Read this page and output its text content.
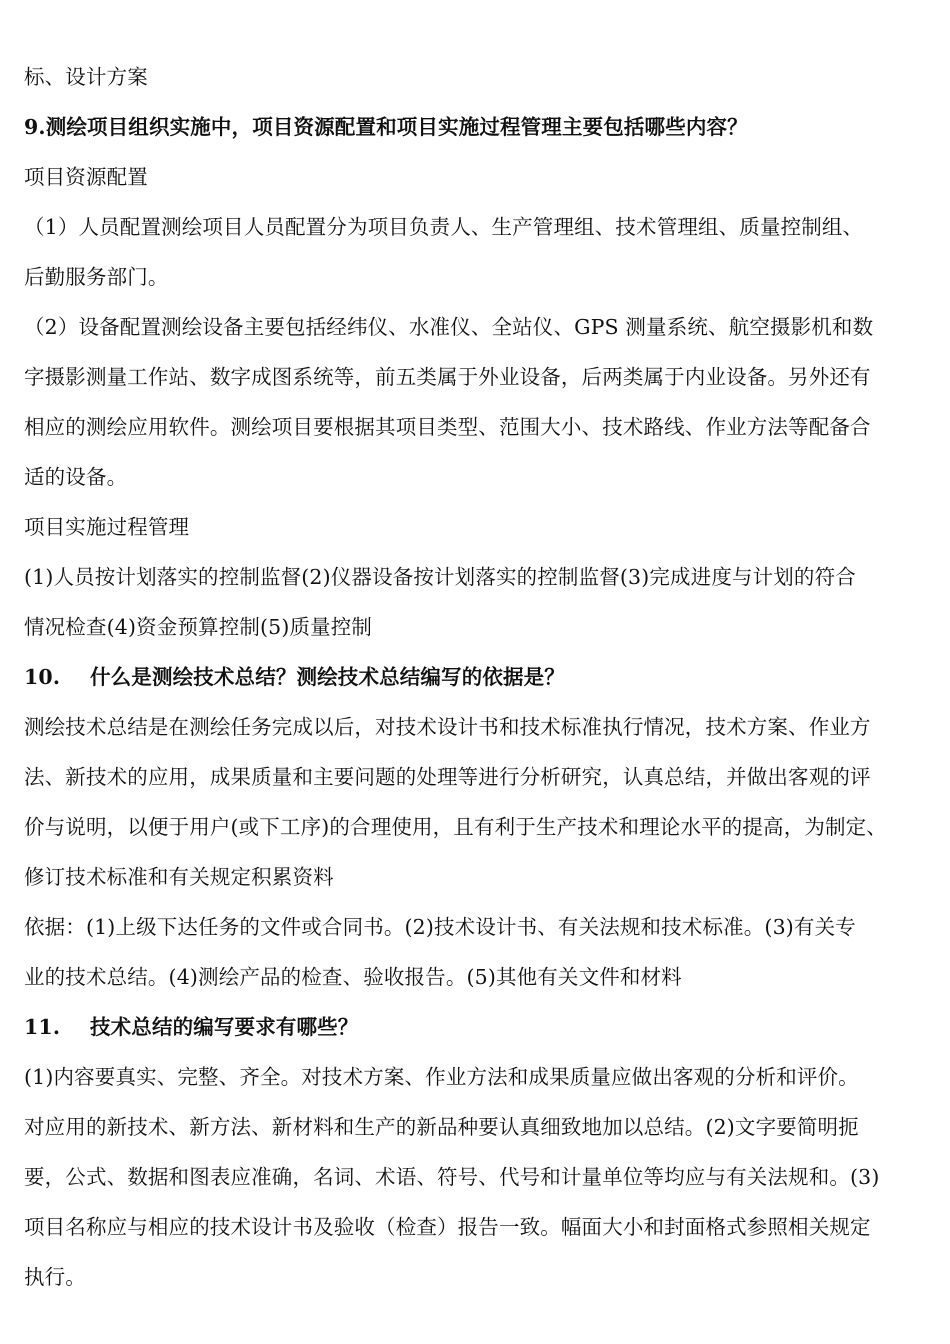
标、设计方案
9.测绘项目组织实施中，项目资源配置和项目实施过程管理主要包括哪些内容？
项目资源配置
（1）人员配置测绘项目人员配置分为项目负责人、生产管理组、技术管理组、质量控制组、
后勤服务部门。
（2）设备配置测绘设备主要包括经纬仪、水准仪、全站仪、GPS 测量系统、航空摄影机和数
字摄影测量工作站、数字成图系统等，前五类属于外业设备，后两类属于内业设备。另外还有
相应的测绘应用软件。测绘项目要根据其项目类型、范围大小、技术路线、作业方法等配备合
适的设备。
项目实施过程管理
(1)人员按计划落实的控制监督(2)仪器设备按计划落实的控制监督(3)完成进度与计划的符合
情况检查(4)资金预算控制(5)质量控制
10. 什么是测绘技术总结？测绘技术总结编写的依据是？
测绘技术总结是在测绘任务完成以后，对技术设计书和技术标准执行情况，技术方案、作业方
法、新技术的应用，成果质量和主要问题的处理等进行分析研究，认真总结，并做出客观的评
价与说明，以便于用户(或下工序)的合理使用，且有利于生产技术和理论水平的提高，为制定、
修订技术标准和有关规定积累资料
依据：(1)上级下达任务的文件或合同书。(2)技术设计书、有关法规和技术标准。(3)有关专
业的技术总结。(4)测绘产品的检查、验收报告。(5)其他有关文件和材料
11. 技术总结的编写要求有哪些？
(1)内容要真实、完整、齐全。对技术方案、作业方法和成果质量应做出客观的分析和评价。
对应用的新技术、新方法、新材料和生产的新品种要认真细致地加以总结。(2)文字要简明扼
要，公式、数据和图表应准确，名词、术语、符号、代号和计量单位等均应与有关法规和。(3)
项目名称应与相应的技术设计书及验收（检查）报告一致。幅面大小和封面格式参照相关规定
执行。
